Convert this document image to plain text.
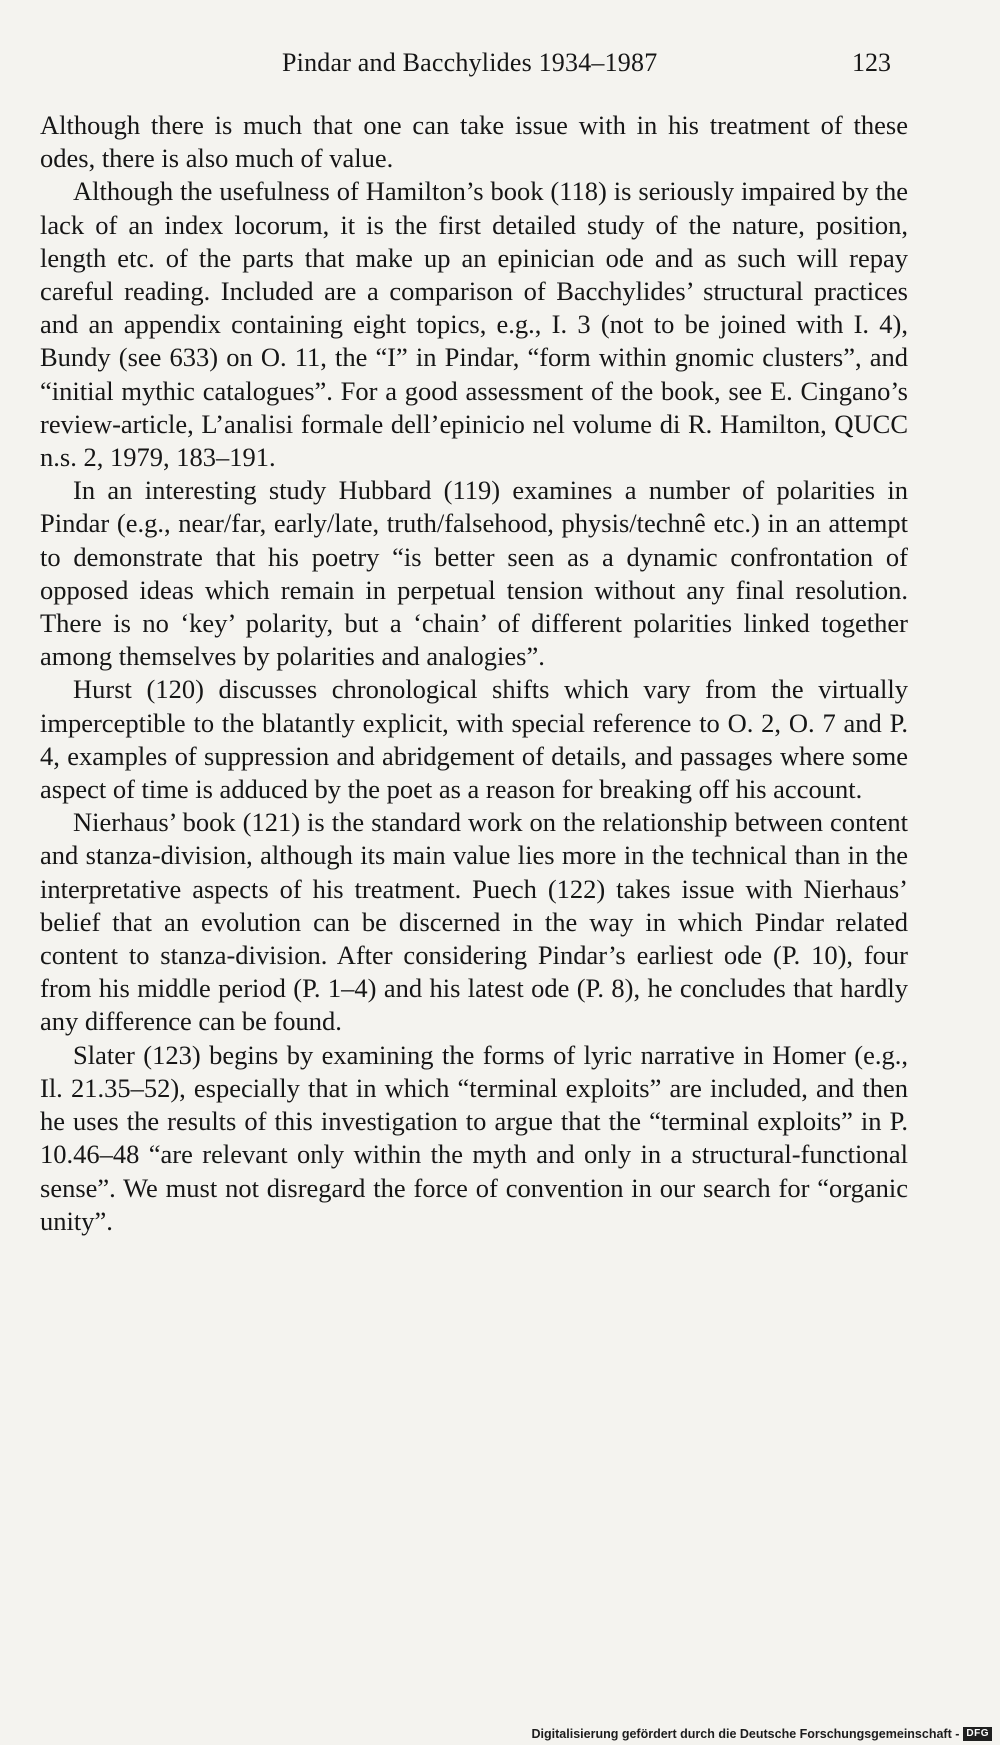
Pindar and Bacchylides 1934–1987	123

Although there is much that one can take issue with in his treatment of these odes, there is also much of value.

Although the usefulness of Hamilton’s book (118) is seriously impaired by the lack of an index locorum, it is the first detailed study of the nature, position, length etc. of the parts that make up an epinician ode and as such will repay careful reading. Included are a comparison of Bacchylides’ structural practices and an appendix containing eight topics, e.g., I. 3 (not to be joined with I. 4), Bundy (see 633) on O. 11, the “I” in Pindar, “form within gnomic clusters”, and “initial mythic catalogues”. For a good assessment of the book, see E. Cingano’s review-article, L’analisi formale dell’epinicio nel volume di R. Hamilton, QUCC n.s. 2, 1979, 183–191.

In an interesting study Hubbard (119) examines a number of polarities in Pindar (e.g., near/far, early/late, truth/falsehood, physis/technê etc.) in an attempt to demonstrate that his poetry “is better seen as a dynamic confrontation of opposed ideas which remain in perpetual tension without any final resolution. There is no ‘key’ polarity, but a ‘chain’ of different polarities linked together among themselves by polarities and analogies”.

Hurst (120) discusses chronological shifts which vary from the virtually imperceptible to the blatantly explicit, with special reference to O. 2, O. 7 and P. 4, examples of suppression and abridgement of details, and passages where some aspect of time is adduced by the poet as a reason for breaking off his account.

Nierhaus’ book (121) is the standard work on the relationship between content and stanza-division, although its main value lies more in the technical than in the interpretative aspects of his treatment. Puech (122) takes issue with Nierhaus’ belief that an evolution can be discerned in the way in which Pindar related content to stanza-division. After considering Pindar’s earliest ode (P. 10), four from his middle period (P. 1–4) and his latest ode (P. 8), he concludes that hardly any difference can be found.

Slater (123) begins by examining the forms of lyric narrative in Homer (e.g., Il. 21.35–52), especially that in which “terminal exploits” are included, and then he uses the results of this investigation to argue that the “terminal exploits” in P. 10.46–48 “are relevant only within the myth and only in a structural-functional sense”. We must not disregard the force of convention in our search for “organic unity”.

Digitalisierung gefördert durch die Deutsche Forschungsgemeinschaft - DFG
